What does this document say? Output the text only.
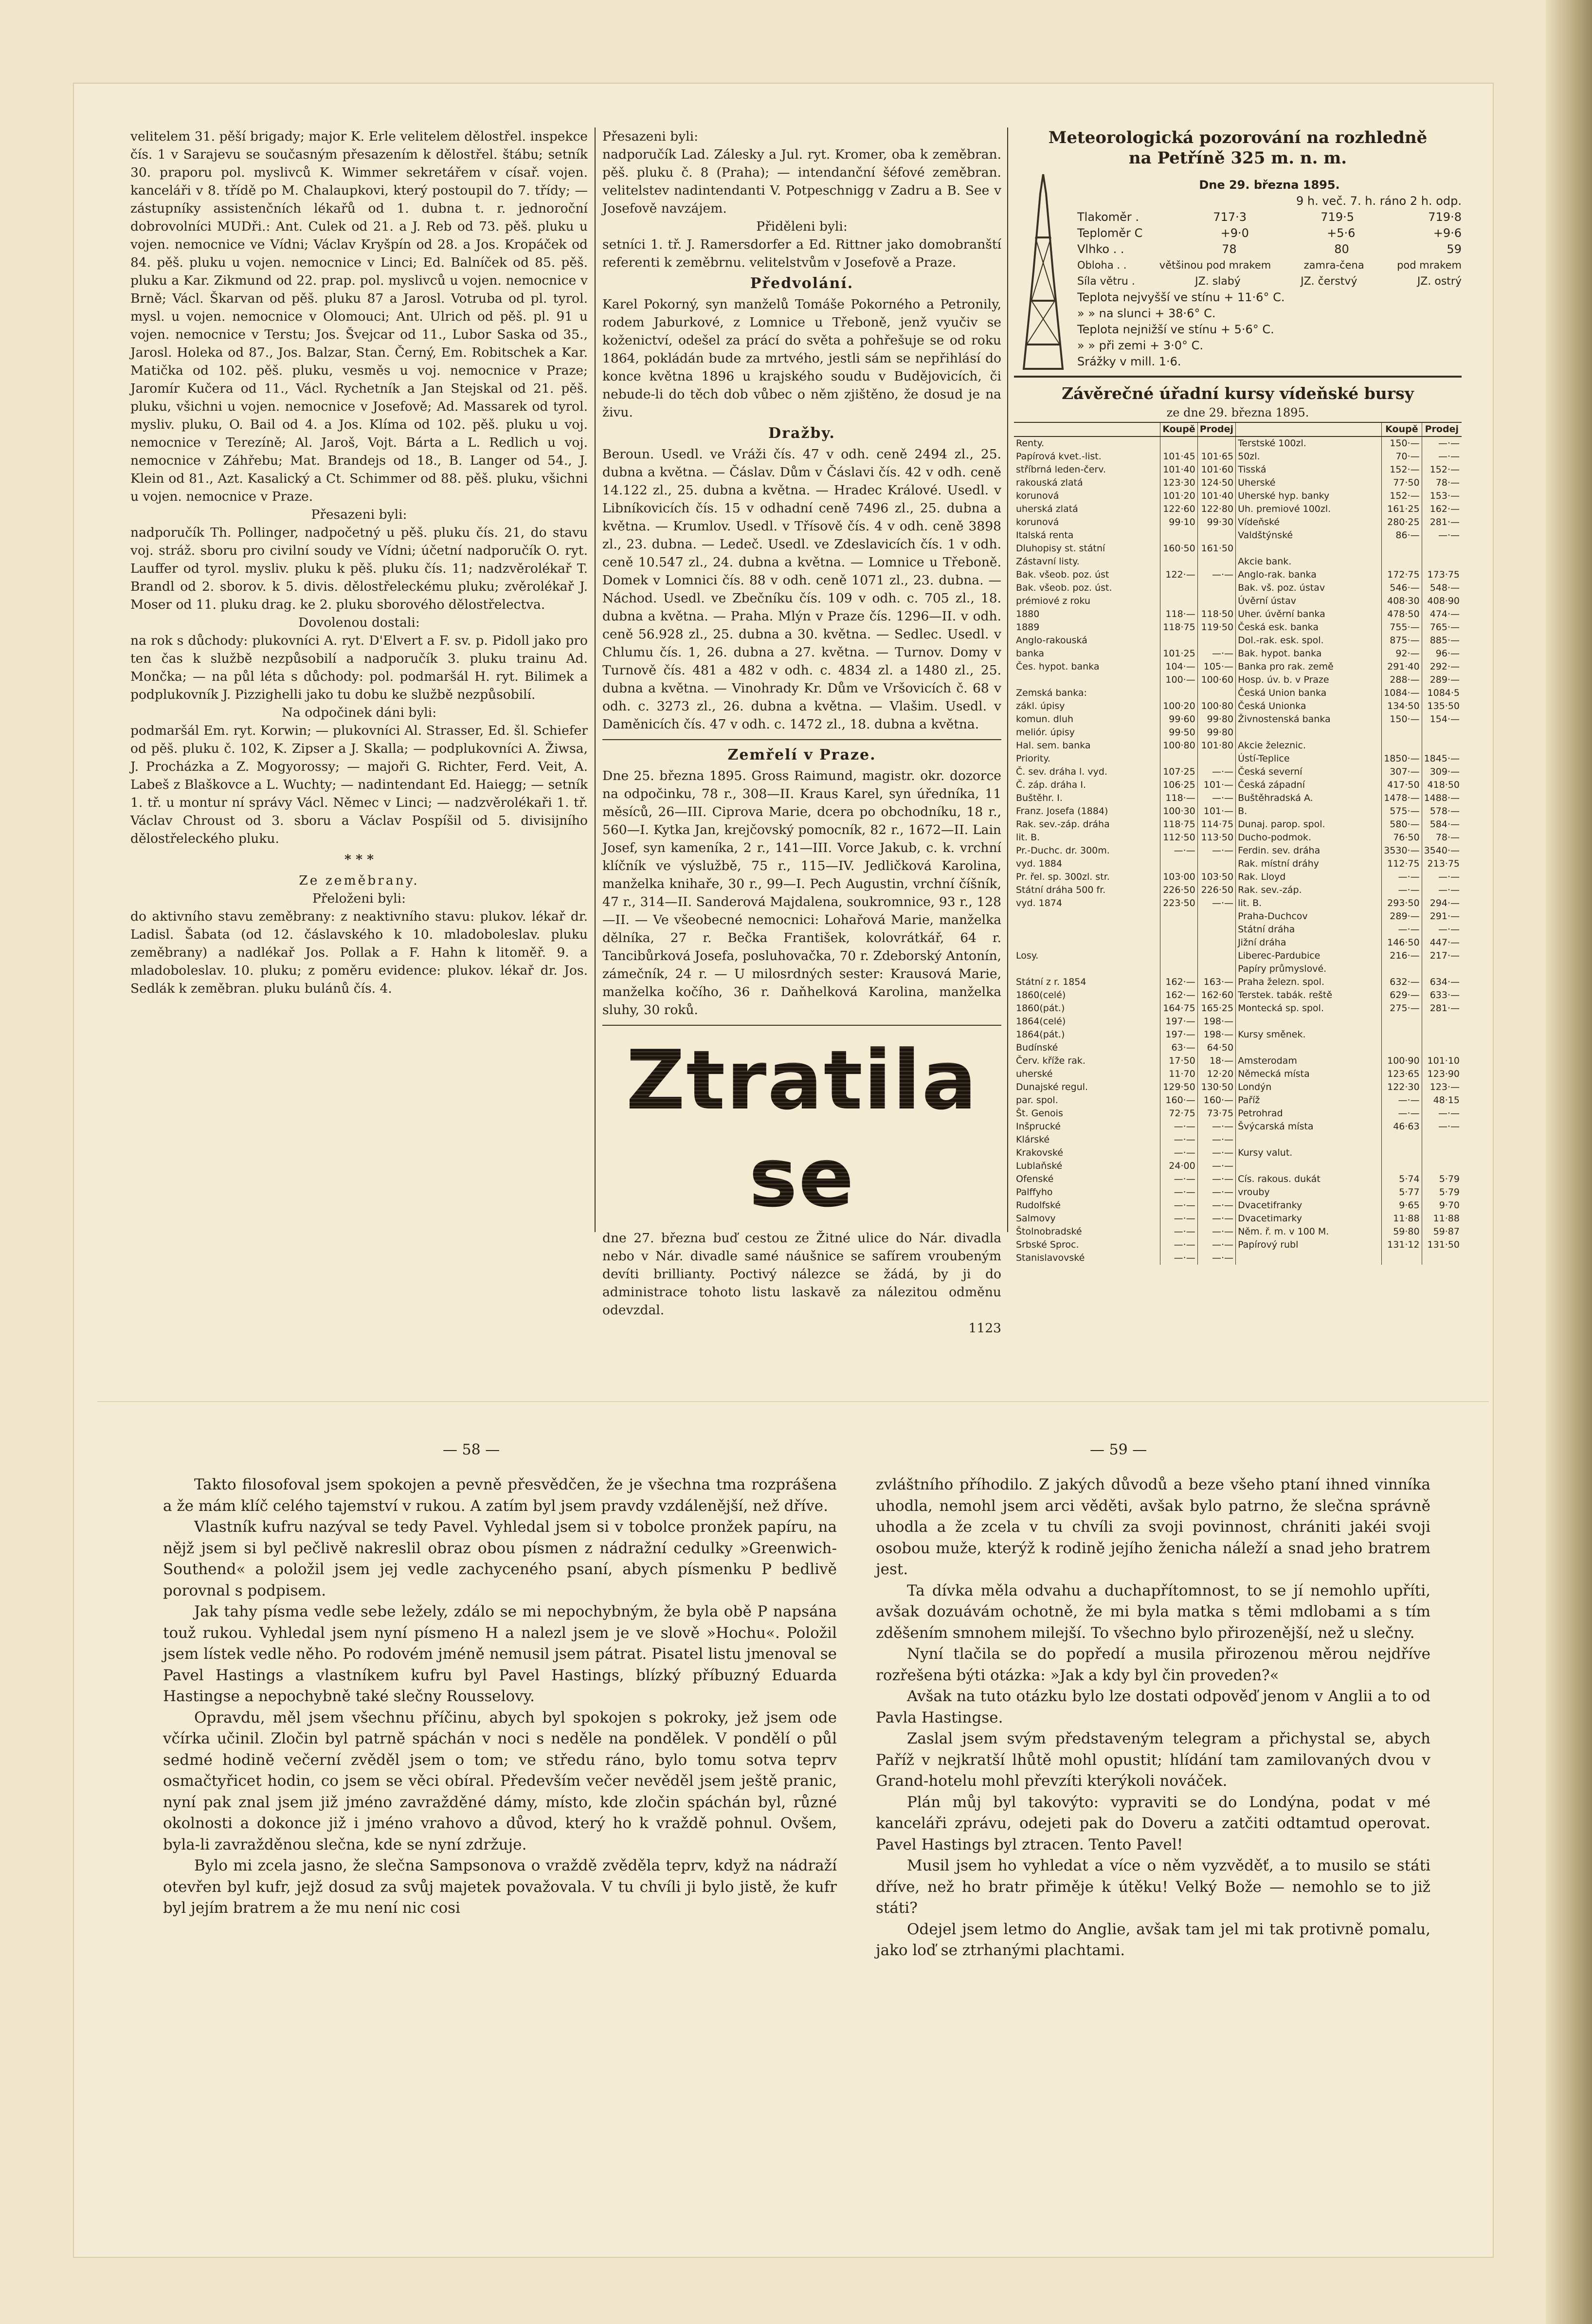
velitelem 31. pěší brigady; major K. Erle velitelem dělostřel. inspekce čís. 1 v Sarajevu se současným přesazením k dělostřel. štábu; setník 30. praporu pol. myslivců K. Wimmer sekretářem v císař. vojen. kanceláři v 8. třídě po M. Chalaupkovi, který postoupil do 7. třídy; — zástupníky assistenčních lékařů od 1. dubna t. r. jednoroční dobrovolníci MUDři.: Ant. Culek od 21. a J. Reb od 73. pěš. pluku u vojen. nemocnice ve Vídni; Václav Kryšpín od 28. a Jos. Kropáček od 84. pěš. pluku u vojen. nemocnice v Linci; Ed. Balníček od 85. pěš. pluku a Kar. Zikmund od 22. prap. pol. myslivců u vojen. nemocnice v Brně; Václ. Škarvan od pěš. pluku 87 a Jarosl. Votruba od pl. tyrol. mysl. u vojen. nemocnice v Olomouci; Ant. Ulrich od pěš. pl. 91 u vojen. nemocnice v Terstu; Jos. Švejcar od 11., Lubor Saska od 35., Jarosl. Holeka od 87., Jos. Balzar, Stan. Černý, Em. Robitschek a Kar. Matička od 102. pěš. pluku, vesměs u voj. nemocnice v Praze; Jaromír Kučera od 11., Václ. Rychetník a Jan Stejskal od 21. pěš. pluku, všichni u vojen. nemocnice v Josefově; Ad. Massarek od tyrol. mysliv. pluku, O. Bail od 4. a Jos. Klíma od 102. pěš. pluku u voj. nemocnice v Terezíně; Al. Jaroš, Vojt. Bárta a L. Redlich u voj. nemocnice v Záhřebu; Mat. Brandejs od 18., B. Langer od 54., J. Klein od 81., Azt. Kasalický a Ct. Schimmer od 88. pěš. pluku, všichni u vojen. nemocnice v Praze.

Přesazeni byli:

nadporučík Th. Pollinger, nadpočetný u pěš. pluku čís. 21, do stavu voj. stráž. sboru pro civilní soudy ve Vídni; účetní nadporučík O. ryt. Lauffer od tyrol. mysliv. pluku k pěš. pluku čís. 11; nadzvěrolékař T. Brandl od 2. sborov. k 5. divis. dělostřeleckému pluku; zvěrolékař J. Moser od 11. pluku drag. ke 2. pluku sborového dělostřelectva.

Dovolenou dostali:

na rok s důchody: plukovníci A. ryt. D'Elvert a F. sv. p. Pidoll jako pro ten čas k službě nezpůsobilí a nadporučík 3. pluku trainu Ad. Mončka; — na půl léta s důchody: pol. podmaršál H. ryt. Bilimek a podplukovník J. Pizzighelli jako tu dobu ke službě nezpůsobilí.

Na odpočinek dáni byli:

podmaršál Em. ryt. Korwin; — plukovníci Al. Strasser, Ed. šl. Schiefer od pěš. pluku č. 102, K. Zipser a J. Skalla; — podplukovníci A. Žiwsa, J. Procházka a Z. Mogyorossy; — majoři G. Richter, Ferd. Veit, A. Labeš z Blaškovce a L. Wuchty; — nadintendant Ed. Haiegg; — setník 1. tř. u montur ní správy Václ. Němec v Linci; — nadzvěrolékaři 1. tř. Václav Chroust od 3. sboru a Václav Pospíšil od 5. divisijního dělostřeleckého pluku.

* * *

Ze zeměbrany.

Přeloženi byli:

do aktivního stavu zeměbrany: z neaktivního stavu: plukov. lékař dr. Ladisl. Šabata (od 12. čáslavského k 10. mladoboleslav. pluku zeměbrany) a nadlékař Jos. Pollak a F. Hahn k litoměř. 9. a mladoboleslav. 10. pluku; z poměru evidence: plukov. lékař dr. Jos. Sedlák k zeměbran. pluku bulánů čís. 4.

Přesazeni byli:

nadporučík Lad. Zálesky a Jul. ryt. Kromer, oba k zeměbran. pěš. pluku č. 8 (Praha); — intendanční šéfové zeměbran. velitelstev nadintendanti V. Potpeschnigg v Zadru a B. See v Josefově navzájem.

Přiděleni byli:

setníci 1. tř. J. Ramersdorfer a Ed. Rittner jako domobranští referenti k zeměbrnu. velitelstvům v Josefově a Praze.

Předvolání.

Karel Pokorný, syn manželů Tomáše Pokorného a Petronily, rodem Jaburkové, z Lomnice u Třeboně, jenž vyučiv se koženictví, odešel za prácí do světa a pohřešuje se od roku 1864, pokládán bude za mrtvého, jestli sám se nepřihlásí do konce května 1896 u krajského soudu v Budějovicích, či nebude-li do těch dob vůbec o něm zjištěno, že dosud je na živu.

Dražby.

Beroun. Usedl. ve Vráži čís. 47 v odh. ceně 2494 zl., 25. dubna a května. — Čáslav. Dům v Čáslavi čís. 42 v odh. ceně 14.122 zl., 25. dubna a května. — Hradec Králové. Usedl. v Libníkovicích čís. 15 v odhadní ceně 7496 zl., 25. dubna a května. — Krumlov. Usedl. v Třísově čís. 4 v odh. ceně 3898 zl., 23. dubna. — Ledeč. Usedl. ve Zdeslavicích čís. 1 v odh. ceně 10.547 zl., 24. dubna a května. — Lomnice u Třeboně. Domek v Lomnici čís. 88 v odh. ceně 1071 zl., 23. dubna. — Náchod. Usedl. ve Zbečníku čís. 109 v odh. c. 705 zl., 18. dubna a května. — Praha. Mlýn v Praze čís. 1296—II. v odh. ceně 56.928 zl., 25. dubna a 30. května. — Sedlec. Usedl. v Chlumu čís. 1, 26. dubna a 27. května. — Turnov. Domy v Turnově čís. 481 a 482 v odh. c. 4834 zl. a 1480 zl., 25. dubna a května. — Vinohrady Kr. Dům ve Vršovicích č. 68 v odh. c. 3273 zl., 26. dubna a května. — Vlašim. Usedl. v Daměnicích čís. 47 v odh. c. 1472 zl., 18. dubna a května.

Zemřelí v Praze.

Dne 25. března 1895. Gross Raimund, magistr. okr. dozorce na odpočinku, 78 r., 308—II. Kraus Karel, syn úředníka, 11 měsíců, 26—III. Ciprova Marie, dcera po obchodníku, 18 r., 560—I. Kytka Jan, krejčovský pomocník, 82 r., 1672—II. Lain Josef, syn kameníka, 2 r., 141—III. Vorce Jakub, c. k. vrchní klíčník ve výslužbě, 75 r., 115—IV. Jedličková Karolina, manželka knihaře, 30 r., 99—I. Pech Augustin, vrchní číšník, 47 r., 314—II. Sanderová Majdalena, soukromnice, 93 r., 128—II. — Ve všeobecné nemocnici: Lohařová Marie, manželka dělníka, 27 r. Bečka František, kolovrátkář, 64 r. Tancibůrková Josefa, posluhovačka, 70 r. Zdeborský Antonín, zámečník, 24 r. — U milosrdných sester: Krausová Marie, manželka kočího, 36 r. Daňhelková Karolina, manželka sluhy, 30 roků.

Ztratila se

dne 27. března buď cestou ze Žitné ulice do Nár. divadla nebo v Nár. divadle samé náušnice se safírem vroubeným devíti brillianty. Poctivý nálezce se žádá, by ji do administrace tohoto listu laskavě za nálezitou odměnu odevzdal.

1123

Meteorologická pozorování na rozhledně

na Petříně 325 m. n. m.

Dne 29. března 1895.
9 h. več. 7. h. ráno 2 h. odp.
Tlakoměr .	717·3	719·5	719·8
Teploměr C	+9·0	+5·6	+9·6
Vlhko . .	78	80	59
Obloha . .	většinou pod mrakem	zamra-čena	pod mrakem
Síla větru .	JZ. slabý	JZ. čerstvý	JZ. ostrý
Teplota nejvyšší ve stínu + 11·6° C.
» » na slunci + 38·6° C.
Teplota nejnižší ve stínu + 5·6° C.
» » při zemi + 3·0° C.
Srážky v mill. 1·6.

Závěrečné úřadní kursy vídeňské bursy

ze dne 29. března 1895.

	Koupě	Prodej		Koupě	Prodej
Renty.			Terstské 100zl.	150·—	—·—
Papírová kvet.-list.	101·45	101·65	50zl.	70·—	—·—
stříbrná leden-červ.	101·40	101·60	Tisská	152·—	152·—
rakouská zlatá	123·30	124·50	Uherské	77·50	78·—
korunová	101·20	101·40	Uherské hyp. banky	152·—	153·—
uherská zlatá	122·60	122·80	Uh. premiové 100zl.	161·25	162·—
korunová	99·10	99·30	Vídeňské	280·25	281·—
Italská renta			Valdštýnské	86·—	—·—
Dluhopisy st. státní	160·50	161·50			
Zástavní listy.			Akcie bank.		
Bak. všeob. poz. úst	122·—	—·—	Anglo-rak. banka	172·75	173·75
Bak. všeob. poz. úst.			Bak. vš. poz. ústav	546·—	548·—
prémiové z roku			Úvěrní ústav	408·30	408·90
1880	118·—	118·50	Uher. úvěrní banka	478·50	474·—
1889	118·75	119·50	Česká esk. banka	755·—	765·—
Anglo-rakouská			Dol.-rak. esk. spol.	875·—	885·—
banka	101·25	—·—	Bak. hypot. banka	92·—	96·—
Čes. hypot. banka	104·—	105·—	Banka pro rak. země	291·40	292·—
	100·—	100·60	Hosp. úv. b. v Praze	288·—	289·—
Zemská banka:			Česká Union banka	1084·—	1084·5
zákl. úpisy	100·20	100·80	Česká Unionka	134·50	135·50
komun. dluh	99·60	99·80	Živnostenská banka	150·—	154·—
meliór. úpisy	99·50	99·80			
Hal. sem. banka	100·80	101·80	Akcie železnic.		
Priority.			Ústí-Teplice	1850·—	1845·—
Č. sev. dráha l. vyd.	107·25	—·—	Česká severní	307·—	309·—
Č. záp. dráha I.	106·25	101·—	Česká západní	417·50	418·50
Buštěhr. I.	118·—	—·—	Buštěhradská A.	1478·—	1488·—
Franz. Josefa (1884)	100·30	101·—	B.	575·—	578·—
Rak. sev.-záp. dráha	118·75	114·75	Dunaj. parop. spol.	580·—	584·—
lit. B.	112·50	113·50	Ducho-podmok.	76·50	78·—
Pr.-Duchc. dr. 300m.	—·—	—·—	Ferdin. sev. dráha	3530·—	3540·—
vyd. 1884			Rak. místní dráhy	112·75	213·75
Pr. řel. sp. 300zl. str.	103·00	103·50	Rak. Lloyd	—·—	—·—
Státní dráha 500 fr.	226·50	226·50	Rak. sev.-záp.	—·—	—·—
vyd. 1874	223·50	—·—	lit. B.	293·50	294·—
			Praha-Duchcov	289·—	291·—
			Státní dráha	—·—	—·—
			Jižní dráha	146·50	447·—
Losy.			Liberec-Pardubice	216·—	217·—
			Papíry průmyslové.		
Státní z r. 1854	162·—	163·—	Praha železn. spol.	632·—	634·—
1860(celé)	162·—	162·60	Terstek. tabák. reště	629·—	633·—
1860(pát.)	164·75	165·25	Montecká sp. spol.	275·—	281·—
1864(celé)	197·—	198·—			
1864(pát.)	197·—	198·—	Kursy směnek.		
Budínské	63·—	64·50			
Červ. kříže rak.	17·50	18·—	Amsterodam	100·90	101·10
uherské	11·70	12·20	Německá místa	123·65	123·90
Dunajské regul.	129·50	130·50	Londýn	122·30	123·—
par. spol.	160·—	160·—	Paříž	—·—	48·15
Št. Genois	72·75	73·75	Petrohrad	—·—	—·—
Inšprucké	—·—	—·—	Švýcarská místa	46·63	—·—
Klárské	—·—	—·—			
Krakovské	—·—	—·—	Kursy valut.		
Lublaňské	24·00	—·—			
Ofenské	—·—	—·—	Cís. rakous. dukát	5·74	5·79
Palffyho	—·—	—·—	vrouby	5·77	5·79
Rudolfské	—·—	—·—	Dvacetifranky	9·65	9·70
Salmovy	—·—	—·—	Dvacetimarky	11·88	11·88
Štolnobradské	—·—	—·—	Něm. ř. m. v 100 M.	59·80	59·87
Srbské Sproc.	—·—	—·—	Papírový rubl	131·12	131·50
Stanislavovské	—·—	—·—			
— 58 —	— 59 —

Takto filosofoval jsem spokojen a pevně přesvědčen, že je všechna tma rozprášena a že mám klíč celého tajemství v rukou. A zatím byl jsem pravdy vzdálenější, než dříve.

Vlastník kufru nazýval se tedy Pavel. Vyhledal jsem si v tobolce pronžek papíru, na nějž jsem si byl pečlivě nakreslil obraz obou písmen z nádražní cedulky »Greenwich-Southend« a položil jsem jej vedle zachyceného psaní, abych písmenku P bedlivě porovnal s podpisem.

Jak tahy písma vedle sebe ležely, zdálo se mi nepochybným, že byla obě P napsána touž rukou. Vyhledal jsem nyní písmeno H a nalezl jsem je ve slově »Hochu«. Položil jsem lístek vedle něho. Po rodovém jméně nemusil jsem pátrat. Pisatel listu jmenoval se Pavel Hastings a vlastníkem kufru byl Pavel Hastings, blízký příbuzný Eduarda Hastingse a nepochybně také slečny Rousselovy.

Opravdu, měl jsem všechnu příčinu, abych byl spokojen s pokroky, jež jsem ode včírka učinil. Zločin byl patrně spáchán v noci s neděle na pondělek. V pondělí o půl sedmé hodině večerní zvěděl jsem o tom; ve středu ráno, bylo tomu sotva teprv osmačtyřicet hodin, co jsem se věci obíral. Především večer nevěděl jsem ještě pranic, nyní pak znal jsem již jméno zavražděné dámy, místo, kde zločin spáchán byl, různé okolnosti a dokonce již i jméno vrahovo a důvod, který ho k vraždě pohnul. Ovšem, byla-li zavražděnou slečna, kde se nyní zdržuje.

Bylo mi zcela jasno, že slečna Sampsonova o vraždě zvěděla teprv, když na nádraží otevřen byl kufr, jejž dosud za svůj majetek považovala. V tu chvíli ji bylo jistě, že kufr byl jejím bratrem a že mu není nic cosi

zvláštního příhodilo. Z jakých důvodů a beze všeho ptaní ihned vinníka uhodla, nemohl jsem arci věděti, avšak bylo patrno, že slečna správně uhodla a že zcela v tu chvíli za svoji povinnost, chrániti jakéi svoji osobou muže, kterýž k rodině jejího ženicha náleží a snad jeho bratrem jest.

Ta dívka měla odvahu a duchapřítomnost, to se jí nemohlo upříti, avšak dozuávám ochotně, že mi byla matka s těmi mdlobami a s tím zděšením smnohem milejší. To všechno bylo přirozenější, než u slečny.

Nyní tlačila se do popředí a musila přirozenou měrou nejdříve rozřešena býti otázka: »Jak a kdy byl čin proveden?«

Avšak na tuto otázku bylo lze dostati odpověď jenom v Anglii a to od Pavla Hastingse.

Zaslal jsem svým představeným telegram a přichystal se, abych Paříž v nejkratší lhůtě mohl opustit; hlídání tam zamilovaných dvou v Grand-hotelu mohl převzíti kterýkoli nováček.

Plán můj byl takovýto: vypraviti se do Londýna, podat v mé kanceláři zprávu, odejeti pak do Doveru a zatčiti odtamtud operovat. Pavel Hastings byl ztracen. Tento Pavel!

Musil jsem ho vyhledat a více o něm vyzvěděť, a to musilo se státi dříve, než ho bratr přiměje k útěku! Velký Bože — nemohlo se to již státi?

Odejel jsem letmo do Anglie, avšak tam jel mi tak protivně pomalu, jako loď se ztrhanými plachtami.
